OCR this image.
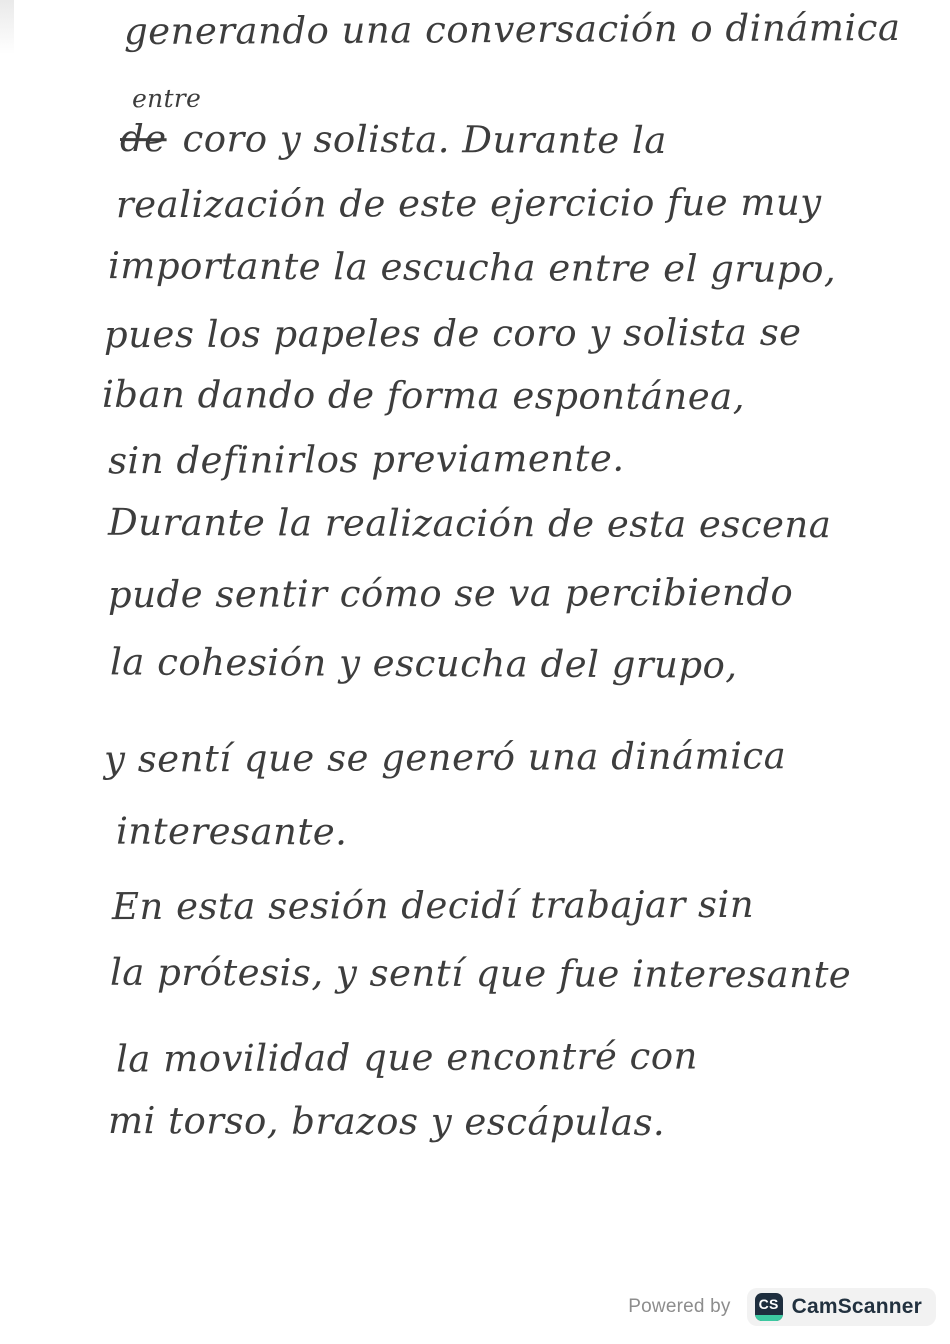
generando una conversación o dinámica
entre
de coro y solista. Durante la
realización de este ejercicio fue muy
importante la escucha entre el grupo,
pues los papeles de coro y solista se
iban dando de forma espontánea,
sin definirlos previamente.
Durante la realización de esta escena
pude sentir cómo se va percibiendo
la cohesión y escucha del grupo,
y sentí que se generó una dinámica
interesante.
En esta sesión decidí trabajar sin
la prótesis, y sentí que fue interesante
la movilidad que encontré con
mi torso, brazos y escápulas.
Powered by CS CamScanner
